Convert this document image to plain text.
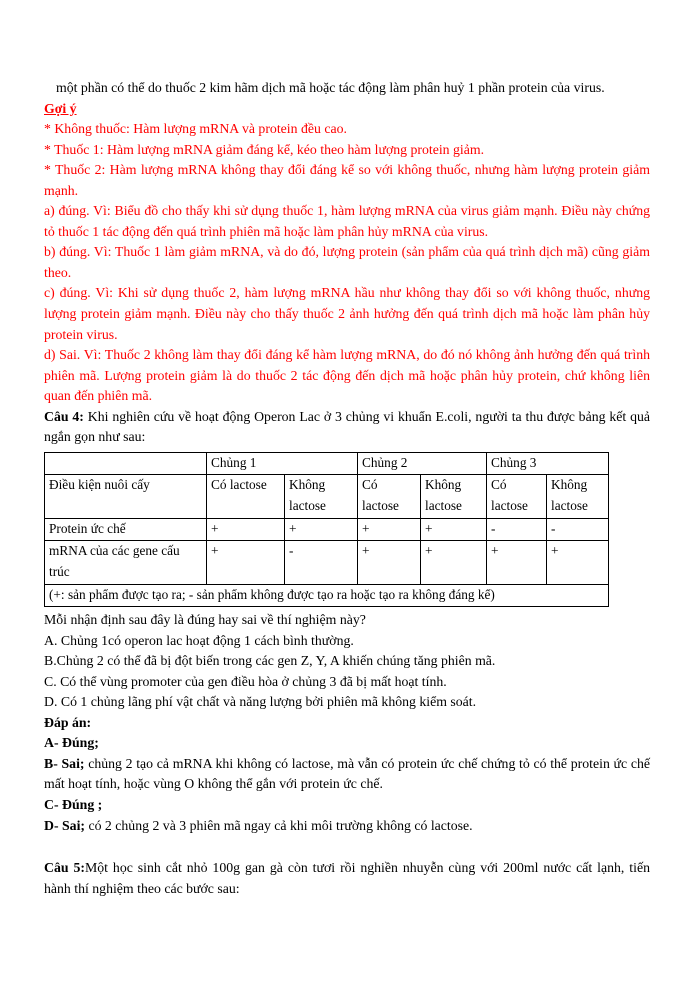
một phần có thể do thuốc 2 kim hãm dịch mã hoặc tác động làm phân huỷ 1 phần protein của virus.

Gợi ý

* Không thuốc: Hàm lượng mRNA và protein đều cao.

* Thuốc 1: Hàm lượng mRNA giảm đáng kể, kéo theo hàm lượng protein giảm.

* Thuốc 2: Hàm lượng mRNA không thay đổi đáng kể so với không thuốc, nhưng hàm lượng protein giảm mạnh.

a) đúng. Vì: Biểu đồ cho thấy khi sử dụng thuốc 1, hàm lượng mRNA của virus giảm mạnh. Điều này chứng tỏ thuốc 1 tác động đến quá trình phiên mã hoặc làm phân hủy mRNA của virus.

b) đúng. Vì: Thuốc 1 làm giảm mRNA, và do đó, lượng protein (sản phẩm của quá trình dịch mã) cũng giảm theo.

c) đúng. Vì: Khi sử dụng thuốc 2, hàm lượng mRNA hầu như không thay đổi so với không thuốc, nhưng lượng protein giảm mạnh. Điều này cho thấy thuốc 2 ảnh hưởng đến quá trình dịch mã hoặc làm phân hủy protein virus.

d) Sai. Vì: Thuốc 2 không làm thay đổi đáng kể hàm lượng mRNA, do đó nó không ảnh hưởng đến quá trình phiên mã. Lượng protein giảm là do thuốc 2 tác động đến dịch mã hoặc phân hủy protein, chứ không liên quan đến phiên mã.

Câu 4: Khi nghiên cứu về hoạt động Operon Lac ở 3 chủng vi khuẩn E.coli, người ta thu được bảng kết quả ngắn gọn như sau:

	Chủng 1		Chủng 2		Chủng 3	
Điều kiện nuôi cấy	Có lactose	Không lactose	Có lactose	Không lactose	Có lactose	Không lactose
Protein ức chế	+	+	+	+	-	-
mRNA của các gene cấu trúc	+	-	+	+	+	+
(+: sản phẩm được tạo ra; - sản phẩm không được tạo ra hoặc tạo ra không đáng kể)						

Mỗi nhận định sau đây là đúng hay sai về thí nghiệm này?

A. Chủng 1có operon lac hoạt động 1 cách bình thường.

B.Chủng 2 có thể đã bị đột biến trong các gen Z, Y, A khiến chúng tăng phiên mã.

C. Có thể vùng promoter của gen điều hòa ở chủng 3 đã bị mất hoạt tính.

D. Có 1 chủng lãng phí vật chất và năng lượng bởi phiên mã không kiểm soát.

Đáp án:

A- Đúng;

B- Sai; chủng 2 tạo cả mRNA khi không có lactose, mà vẫn có protein ức chế chứng tỏ có thể protein ức chế mất hoạt tính, hoặc vùng O không thể gắn với protein ức chế.

C- Đúng ;

D- Sai; có 2 chủng 2 và 3 phiên mã ngay cả khi môi trường không có lactose.

Câu 5:Một học sinh cắt nhỏ 100g gan gà còn tươi rồi nghiền nhuyễn cùng với 200ml nước cất lạnh, tiến hành thí nghiệm theo các bước sau:
